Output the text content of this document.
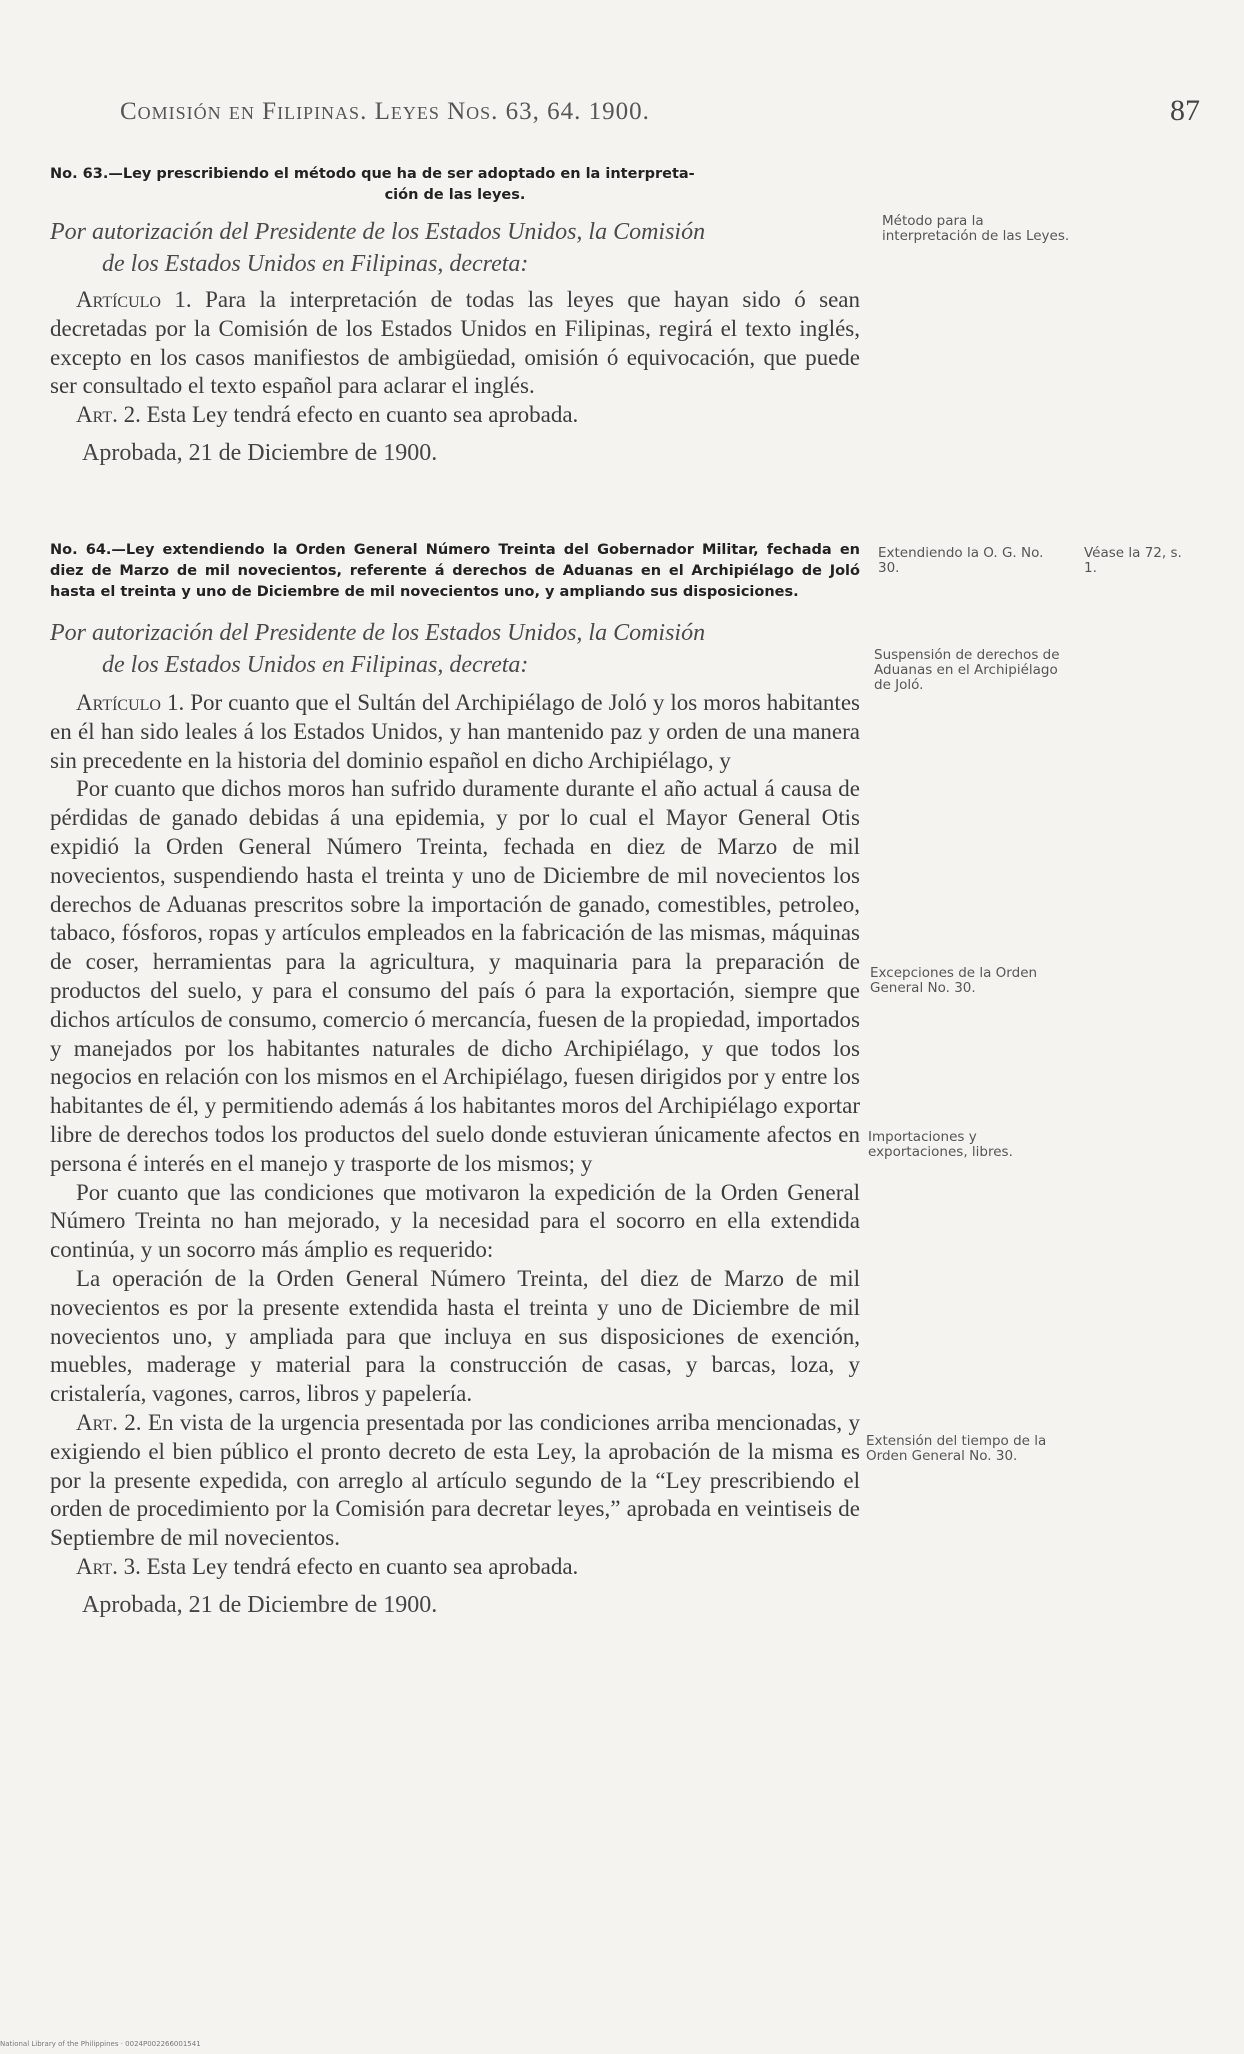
Comisión en Filipinas. Leyes Nos. 63, 64. 1900.	87
No. 63.—Ley prescribiendo el método que ha de ser adoptado en la interpreta-
ción de las leyes.

Por autorización del Presidente de los Estados Unidos, la Comisión
de los Estados Unidos en Filipinas, decreta:

Artículo 1. Para la interpretación de todas las leyes que hayan sido ó sean decretadas por la Comisión de los Estados Unidos en Filipinas, regirá el texto inglés, excepto en los casos manifiestos de ambigüedad, omisión ó equivocación, que puede ser consultado el texto español para aclarar el inglés.

Art. 2. Esta Ley tendrá efecto en cuanto sea aprobada.

Aprobada, 21 de Diciembre de 1900.

Método para la interpretación de las Leyes.
No. 64.—Ley extendiendo la Orden General Número Treinta del Gobernador Militar, fechada en diez de Marzo de mil novecientos, referente á derechos de Aduanas en el Archipiélago de Joló hasta el treinta y uno de Diciembre de mil novecientos uno, y ampliando sus disposiciones.

Por autorización del Presidente de los Estados Unidos, la Comisión
de los Estados Unidos en Filipinas, decreta:

Artículo 1. Por cuanto que el Sultán del Archipiélago de Joló y los moros habitantes en él han sido leales á los Estados Unidos, y han mantenido paz y orden de una manera sin precedente en la historia del dominio español en dicho Archipiélago, y

Por cuanto que dichos moros han sufrido duramente durante el año actual á causa de pérdidas de ganado debidas á una epidemia, y por lo cual el Mayor General Otis expidió la Orden General Número Treinta, fechada en diez de Marzo de mil novecientos, suspendiendo hasta el treinta y uno de Diciembre de mil novecientos los derechos de Aduanas prescritos sobre la importación de ganado, comestibles, petroleo, tabaco, fósforos, ropas y artículos empleados en la fabricación de las mismas, máquinas de coser, herramientas para la agricultura, y maquinaria para la preparación de productos del suelo, y para el consumo del país ó para la exportación, siempre que dichos artículos de consumo, comercio ó mercancía, fuesen de la propiedad, importados y manejados por los habitantes naturales de dicho Archipiélago, y que todos los negocios en relación con los mismos en el Archipiélago, fuesen dirigidos por y entre los habitantes de él, y permitiendo además á los habitantes moros del Archipiélago exportar libre de derechos todos los productos del suelo donde estuvieran únicamente afectos en persona é interés en el manejo y trasporte de los mismos; y

Por cuanto que las condiciones que motivaron la expedición de la Orden General Número Treinta no han mejorado, y la necesidad para el socorro en ella extendida continúa, y un socorro más ámplio es requerido:

La operación de la Orden General Número Treinta, del diez de Marzo de mil novecientos es por la presente extendida hasta el treinta y uno de Diciembre de mil novecientos uno, y ampliada para que incluya en sus disposiciones de exención, muebles, maderage y material para la construcción de casas, y barcas, loza, y cristalería, vagones, carros, libros y papelería.

Art. 2. En vista de la urgencia presentada por las condiciones arriba mencionadas, y exigiendo el bien público el pronto decreto de esta Ley, la aprobación de la misma es por la presente expedida, con arreglo al artículo segundo de la “Ley prescribiendo el orden de procedimiento por la Comisión para decretar leyes,” aprobada en veintiseis de Septiembre de mil novecientos.

Art. 3. Esta Ley tendrá efecto en cuanto sea aprobada.

Aprobada, 21 de Diciembre de 1900.

Extendiendo la O. G. No. 30.
Véase la 72, s. 1.
Suspensión de derechos de Aduanas en el Archipiélago de Joló.
Excepciones de la Orden General No. 30.
Importaciones y exportaciones, libres.
Extensión del tiempo de la Orden General No. 30.
National Library of the Philippines · 0024P002266001541
